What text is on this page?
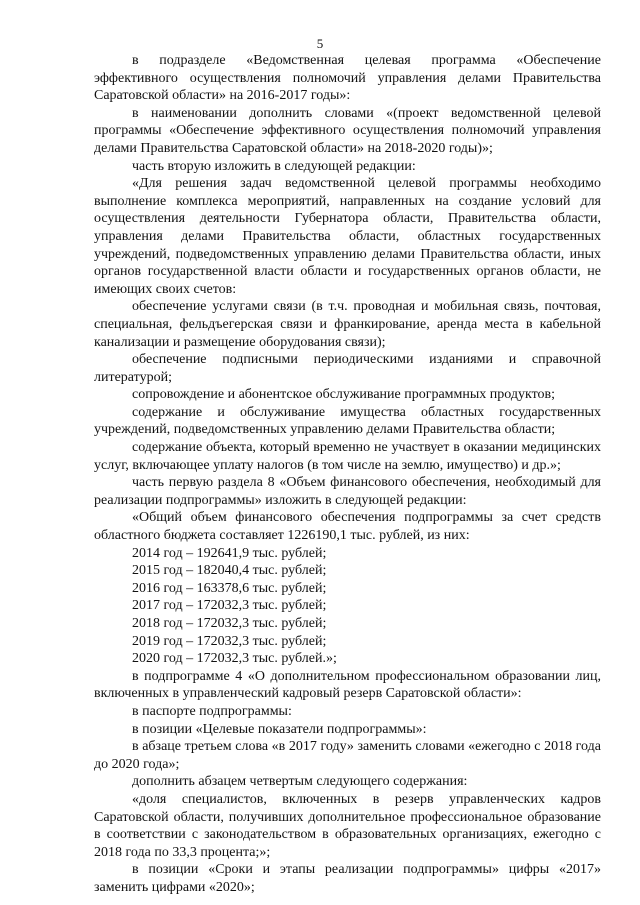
5

в подразделе «Ведомственная целевая программа «Обеспечение эффективного осуществления полномочий управления делами Правительства Саратовской области» на 2016-2017 годы»:

в наименовании дополнить словами «(проект ведомственной целевой программы «Обеспечение эффективного осуществления полномочий управления делами Правительства Саратовской области» на 2018-2020 годы)»;

часть вторую изложить в следующей редакции:

«Для решения задач ведомственной целевой программы необходимо выполнение комплекса мероприятий, направленных на создание условий для осуществления деятельности Губернатора области, Правительства области, управления делами Правительства области, областных государственных учреждений, подведомственных управлению делами Правительства области, иных органов государственной власти области и государственных органов области, не имеющих своих счетов:

обеспечение услугами связи (в т.ч. проводная и мобильная связь, почтовая, специальная, фельдъегерская связи и франкирование, аренда места в кабельной канализации и размещение оборудования связи);

обеспечение подписными периодическими изданиями и справочной литературой;

сопровождение и абонентское обслуживание программных продуктов;

содержание и обслуживание имущества областных государственных учреждений, подведомственных управлению делами Правительства области;

содержание объекта, который временно не участвует в оказании медицинских услуг, включающее уплату налогов (в том числе на землю, имущество) и др.»;

часть первую раздела 8 «Объем финансового обеспечения, необходимый для реализации подпрограммы» изложить в следующей редакции:

«Общий объем финансового обеспечения подпрограммы за счет средств областного бюджета составляет 1226190,1 тыс. рублей, из них:

2014 год – 192641,9 тыс. рублей;

2015 год – 182040,4 тыс. рублей;

2016 год – 163378,6 тыс. рублей;

2017 год – 172032,3 тыс. рублей;

2018 год – 172032,3 тыс. рублей;

2019 год – 172032,3 тыс. рублей;

2020 год – 172032,3 тыс. рублей.»;

в подпрограмме 4 «О дополнительном профессиональном образовании лиц, включенных в управленческий кадровый резерв Саратовской области»:

в паспорте подпрограммы:

в позиции «Целевые показатели подпрограммы»:

в абзаце третьем слова «в 2017 году» заменить словами «ежегодно с 2018 года до 2020 года»;

дополнить абзацем четвертым следующего содержания:

«доля специалистов, включенных в резерв управленческих кадров Саратовской области, получивших дополнительное профессиональное образование в соответствии с законодательством в образовательных организациях, ежегодно с 2018 года по 33,3 процента;»;

в позиции «Сроки и этапы реализации подпрограммы» цифры «2017» заменить цифрами «2020»;
